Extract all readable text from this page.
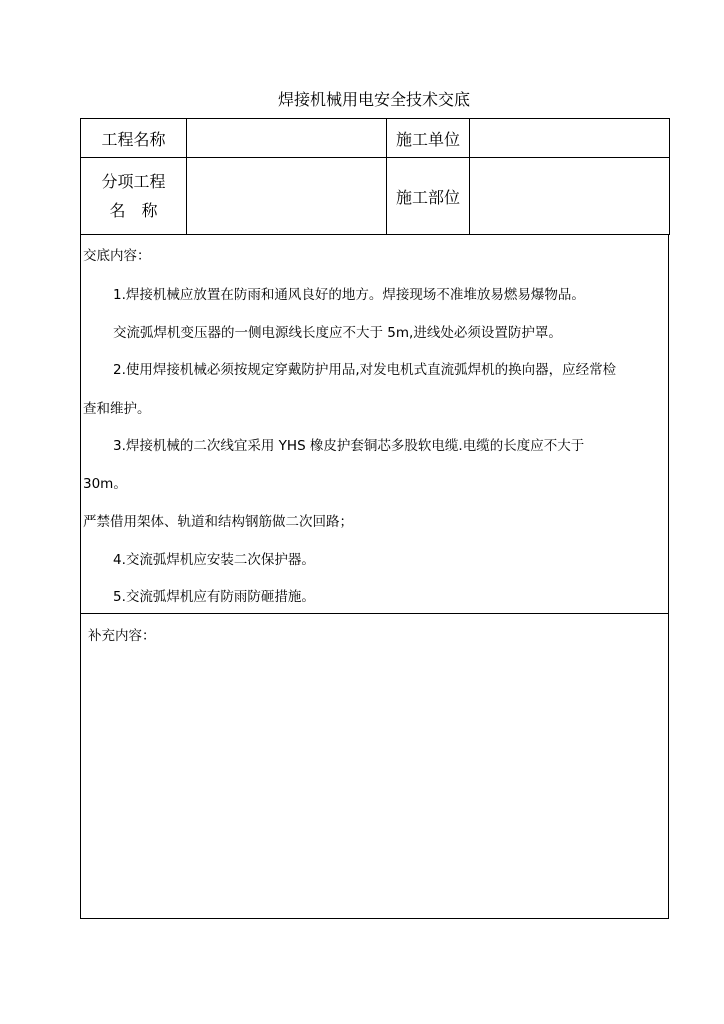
焊接机械用电安全技术交底
工程名称		施工单位	

分项工程
名　称		施工部位	
交底内容：
1.焊接机械应放置在防雨和通风良好的地方。焊接现场不准堆放易燃易爆物品。
交流弧焊机变压器的一侧电源线长度应不大于 5m,进线处必须设置防护罩。
2.使用焊接机械必须按规定穿戴防护用品,对发电机式直流弧焊机的换向器，应经常检
查和维护。
3.焊接机械的二次线宜采用 YHS 橡皮护套铜芯多股软电缆.电缆的长度应不大于
30m。
严禁借用架体、轨道和结构钢筋做二次回路；
4.交流弧焊机应安装二次保护器。
5.交流弧焊机应有防雨防砸措施。
补充内容：
